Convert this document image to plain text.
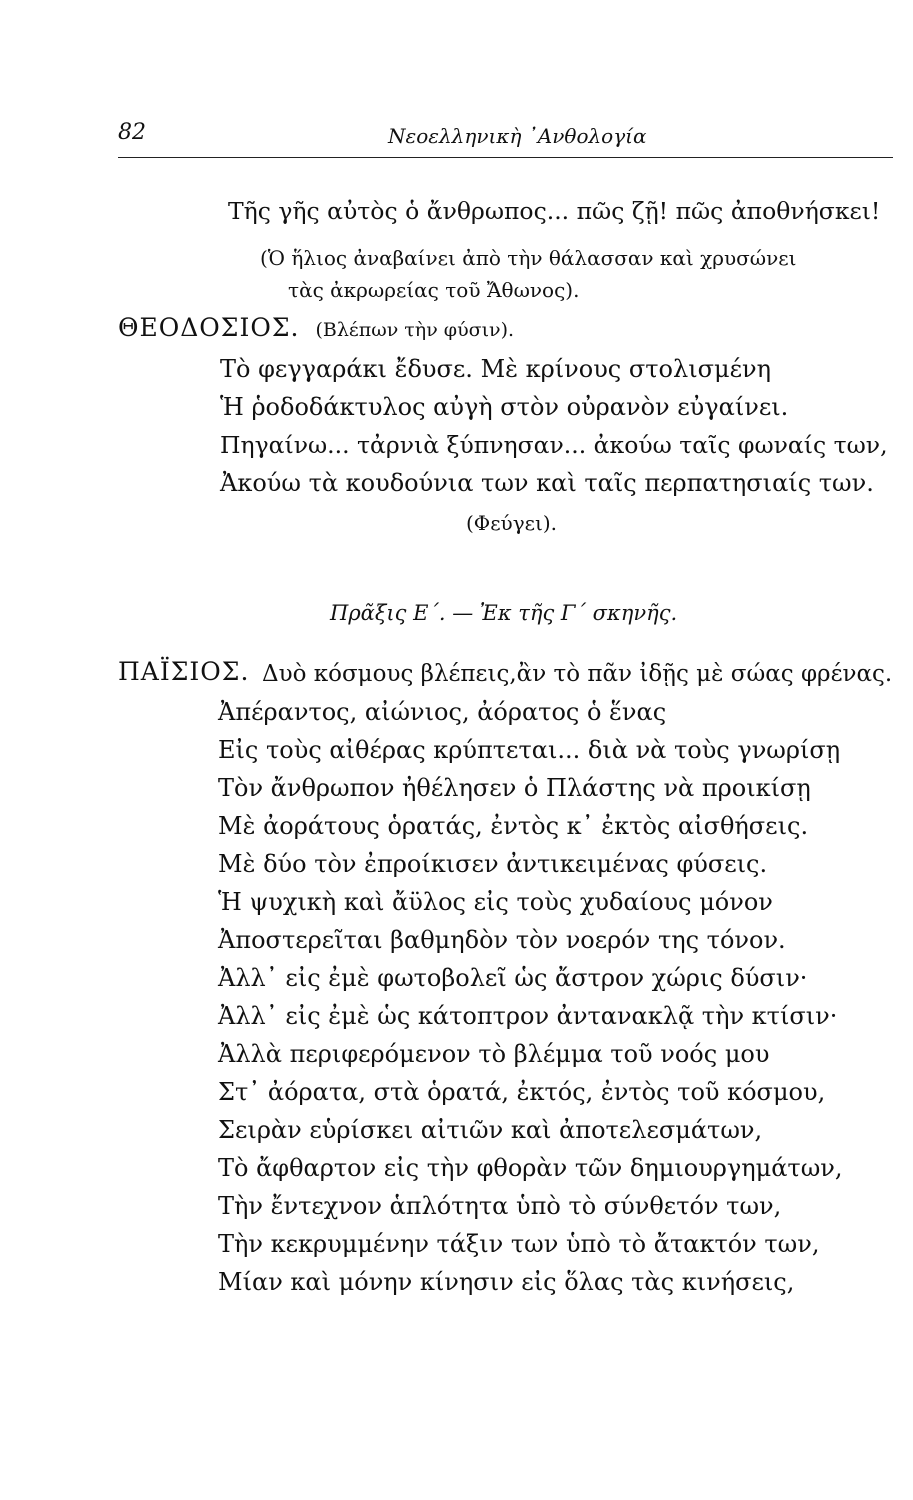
82	Νεοελληνικὴ ᾿Ανθολογία
Τῆς γῆς αὐτὸς ὁ ἄνθρωπος... πῶς ζῇ! πῶς ἀποθνήσκει!
(Ὁ ἥλιος ἀναβαίνει ἀπὸ τὴν θάλασσαν καὶ χρυσώνει
τὰς ἀκρωρείας τοῦ Ἄθωνος).
ΘΕΟΔΟΣΙΟΣ. (Βλέπων τὴν φύσιν).
Τὸ φεγγαράκι ἔδυσε. Μὲ κρίνους στολισμένη
Ἡ ῥοδοδάκτυλος αὐγὴ στὸν οὐρανὸν εὐγαίνει.
Πηγαίνω... τἀρνιὰ ξύπνησαν... ἀκούω ταῖς φωναίς των,
Ἀκούω τὰ κουδούνια των καὶ ταῖς περπατησιαίς των.
(Φεύγει).
Πρᾶξις Ε΄. — Ἐκ τῆς Γ΄ σκηνῆς.
ΠΑΪΣΙΟΣ. Δυὸ κόσμους βλέπεις,ἂν τὸ πᾶν ἰδῇς μὲ σώας φρένας.
Ἀπέραντος, αἰώνιος, ἀόρατος ὁ ἕνας
Εἰς τοὺς αἰθέρας κρύπτεται... διὰ νὰ τοὺς γνωρίσῃ
Τὸν ἄνθρωπον ἠθέλησεν ὁ Πλάστης νὰ προικίσῃ
Μὲ ἀοράτους ὁρατάς, ἐντὸς κ᾿ ἐκτὸς αἰσθήσεις.
Μὲ δύο τὸν ἐπροίκισεν ἀντικειμένας φύσεις.
Ἡ ψυχικὴ καὶ ἄϋλος εἰς τοὺς χυδαίους μόνον
Ἀποστερεῖται βαθμηδὸν τὸν νοερόν της τόνον.
Ἀλλ᾿ εἰς ἐμὲ φωτοβολεῖ ὡς ἄστρον χώρις δύσιν·
Ἀλλ᾿ εἰς ἐμὲ ὡς κάτοπτρον ἀντανακλᾷ τὴν κτίσιν·
Ἀλλὰ περιφερόμενον τὸ βλέμμα τοῦ νοός μου
Στ᾿ ἀόρατα, στὰ ὁρατά, ἐκτός, ἐντὸς τοῦ κόσμου,
Σειρὰν εὑρίσκει αἰτιῶν καὶ ἀποτελεσμάτων,
Τὸ ἄφθαρτον εἰς τὴν φθορὰν τῶν δημιουργημάτων,
Τὴν ἔντεχνον ἁπλότητα ὑπὸ τὸ σύνθετόν των,
Τὴν κεκρυμμένην τάξιν των ὑπὸ τὸ ἄτακτόν των,
Μίαν καὶ μόνην κίνησιν εἰς ὅλας τὰς κινήσεις,
